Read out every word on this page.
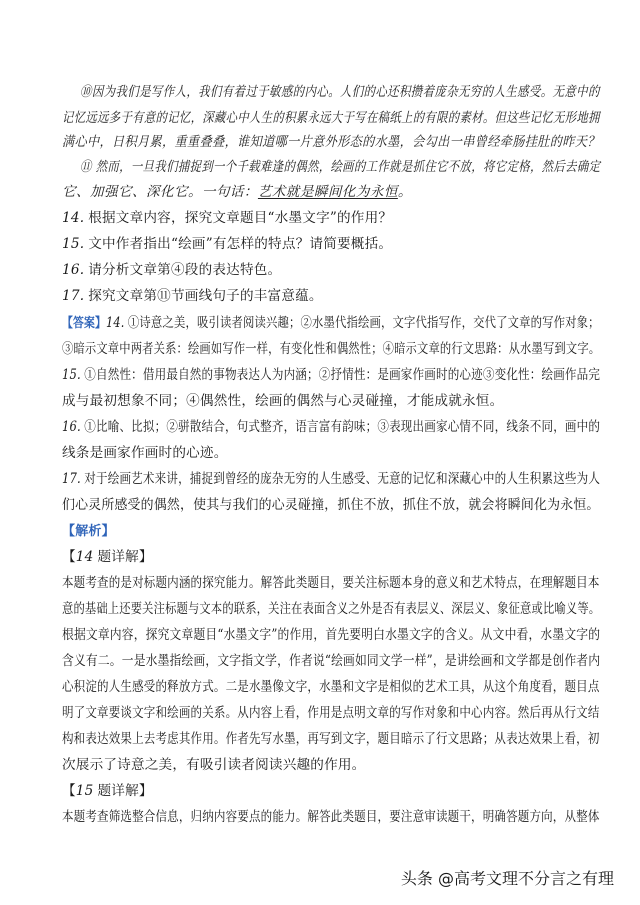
⑩因为我们是写作人，我们有着过于敏感的内心。人们的心还积攒着庞杂无穷的人生感受。无意中的

记忆远远多于有意的记忆，深藏心中人生的积累永远大于写在稿纸上的有限的素材。但这些记忆无形地拥

满心中，日积月累，重重叠叠，谁知道哪一片意外形态的水墨，会勾出一串曾经牵肠挂肚的昨天？

⑪ 然而，一旦我们捕捉到一个千载难逢的偶然，绘画的工作就是抓住它不放，将它定格，然后去确定

它、加强它、深化它。一句话：艺术就是瞬间化为永恒。

14. 根据文章内容，探究文章题目“水墨文字”的作用？

15. 文中作者指出“绘画”有怎样的特点？请简要概括。

16. 请分析文章第④段的表达特色。

17. 探究文章第⑪节画线句子的丰富意蕴。

【答案】14. ①诗意之美，吸引读者阅读兴趣；②水墨代指绘画，文字代指写作，交代了文章的写作对象；

③暗示文章中两者关系：绘画如写作一样，有变化性和偶然性；④暗示文章的行文思路：从水墨写到文字。

15. ①自然性：借用最自然的事物表达人为内涵；②抒情性：是画家作画时的心迹③变化性：绘画作品完

成与最初想象不同；④偶然性，绘画的偶然与心灵碰撞，才能成就永恒。

16. ①比喻、比拟；②骈散结合，句式整齐，语言富有韵味；③表现出画家心情不同，线条不同，画中的

线条是画家作画时的心迹。

17. 对于绘画艺术来讲，捕捉到曾经的庞杂无穷的人生感受、无意的记忆和深藏心中的人生积累这些为人

们心灵所感受的偶然，使其与我们的心灵碰撞，抓住不放，抓住不放，就会将瞬间化为永恒。

【解析】

【14 题详解】

本题考查的是对标题内涵的探究能力。解答此类题目，要关注标题本身的意义和艺术特点，在理解题目本

意的基础上还要关注标题与文本的联系，关注在表面含义之外是否有表层义、深层义、象征意或比喻义等。

根据文章内容，探究文章题目“水墨文字”的作用，首先要明白水墨文字的含义。从文中看，水墨文字的

含义有二。一是水墨指绘画，文字指文学，作者说“绘画如同文学一样”，是讲绘画和文学都是创作者内

心积淀的人生感受的释放方式。二是水墨像文字，水墨和文字是相似的艺术工具，从这个角度看，题目点

明了文章要谈文字和绘画的关系。从内容上看，作用是点明文章的写作对象和中心内容。然后再从行文结

构和表达效果上去考虑其作用。作者先写水墨，再写到文字，题目暗示了行文思路；从表达效果上看，初

次展示了诗意之美，有吸引读者阅读兴趣的作用。

【15 题详解】

本题考查筛选整合信息，归纳内容要点的能力。解答此类题目，要注意审读题干，明确答题方向，从整体

头条 @高考文理不分言之有理
